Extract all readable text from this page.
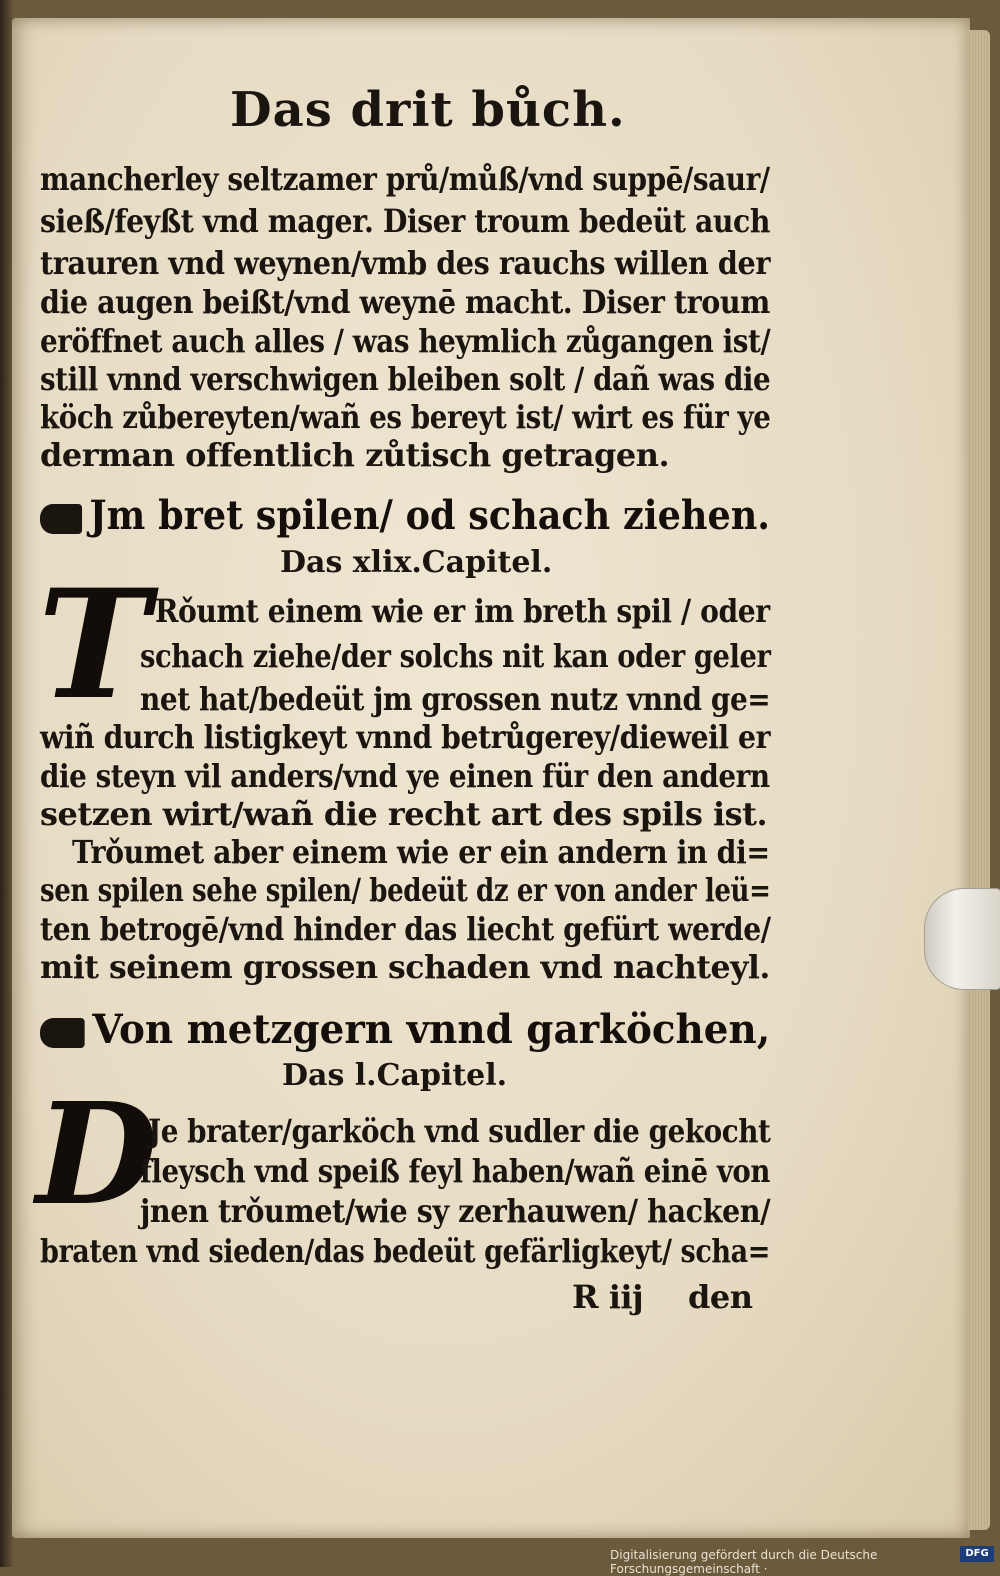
Das drit bůch.
mancherley seltzamer prů/můß/vnd suppē/saur/
sieß/feyßt vnd mager. Diser troum bedeüt auch
trauren vnd weynen/vmb des rauchs willen der
die augen beißt/vnd weynē macht. Diser troum
eröffnet auch alles / was heymlich zůgangen ist/
still vnnd verschwigen bleiben solt / dañ was die
köch zůbereyten/wañ es bereyt ist/ wirt es für ye
derman offentlich zůtisch getragen.
Jm bret spilen/ od schach ziehen.
Das xlix.Capitel.
T Rǒumt einem wie er im breth spil / oder
schach ziehe/der solchs nit kan oder geler
net hat/bedeüt jm grossen nutz vnnd ge=
wiñ durch listigkeyt vnnd betrůgerey/dieweil er
die steyn vil anders/vnd ye einen für den andern
setzen wirt/wañ die recht art des spils ist.
Trǒumet aber einem wie er ein andern in di=
sen spilen sehe spilen/ bedeüt dz er von ander leü=
ten betrogē/vnd hinder das liecht gefürt werde/
mit seinem grossen schaden vnd nachteyl.
Von metzgern vnnd garköchen,
Das l.Capitel.
D
Je brater/garköch vnd sudler die gekocht
fleysch vnd speiß feyl haben/wañ einē von
jnen trǒumet/wie sy zerhauwen/ hacken/
braten vnd sieden/das bedeüt gefärligkeyt/ scha=
R iij den
Digitalisierung gefördert durch die Deutsche Forschungsgemeinschaft ·
DFG
